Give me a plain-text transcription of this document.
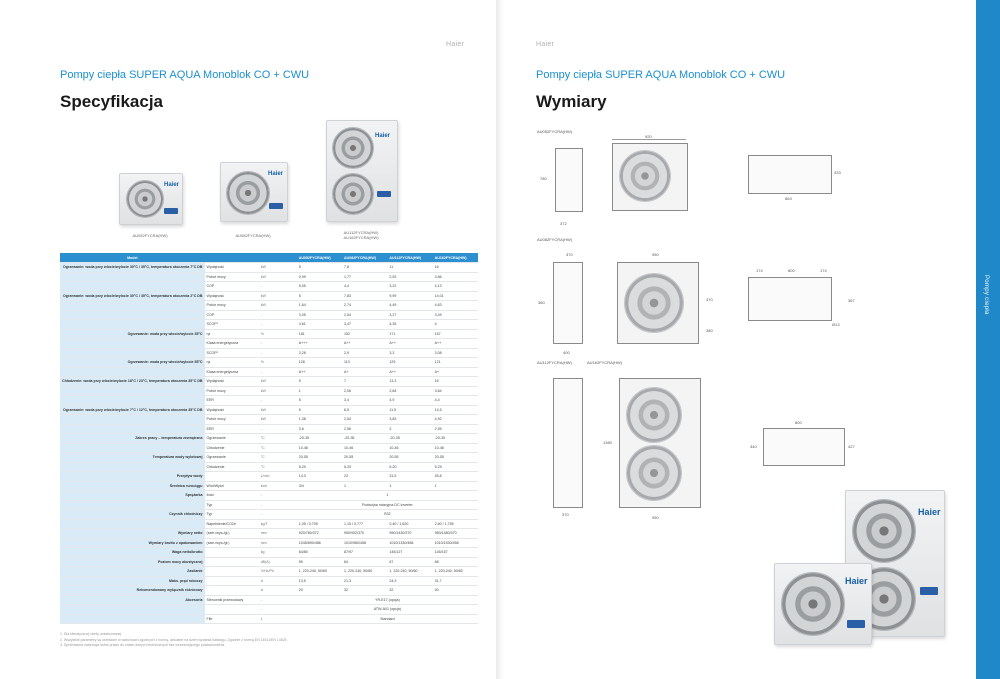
Haier
Pompy ciepła SUPER AQUA Monoblok CO + CWU
Specyfikacja
Haier
AU052FYCRA(HW)
Haier
AU082FYCRA(HW)
Haier
AU112FYCRA(HW)
AU162FYCRA(HW)
Model			AU052FYCRA(HW)	AU082FYCRA(HW)	AU112FYCRA(HW)	AU162FYCRA(HW)
Ogrzewanie: woda przy wlocie/wylocie 30°C / 35°C, temperatura otoczenia 7°C DB	Wydajność	kW	5	7,8	11	16
	Pobór mocy	kW	0,99	1,77	2,93	3,86
	COP	-	5,05	4,4	3,22	4,13
Ogrzewanie: woda przy wlocie/wylocie 30°C / 35°C, temperatura otoczenia 2°C DB	Wydajność	kW	5	7,83	9,99	14,01
	Pobór mocy	kW	1,64	2,74	4,49	4,63
	COP	-	3,05	2,54	3,27	3,49
	SCOP¹	-	4,61	3,47	4,35	4
Ogrzewanie: woda przy wlocie/wylocie 35°C	ηs	%	181	152	171	157
	Klasa energetyczna	-	A+++	A++	A++	A++
	SCOP¹	-	3,28	2,9	3,3	3,08
Ogrzewanie: woda przy wlocie/wylocie 55°C	ηs	%	128	113	129	121
	Klasa energetyczna	-	A++	A+	A++	A+
Chłodzenie: woda przy wlocie/wylocie 18°C / 23°C, temperatura otoczenia 35°C DB	Wydajność	kW	5	7	13,3	16
	Pobór mocy	kW	1	2,06	2,84	3,64
	EER	-	5	3,4	4,9	4,4
Ogrzewanie: woda przy wlocie/wylocie 7°C / 12°C, temperatura otoczenia 35°C DB	Wydajność	kW	5	6,5	11,5	14,5
	Pobór mocy	kW	1,38	2,54	3,83	4,92
	EER	-	3,6	2,56	3	2,95
Zakres pracy – temperatura zewnętrzna	Ogrzewanie	°C	-20-35	-20-35	-20-35	-20-35
	Chłodzenie	°C	10-46	10-46	10-46	10-46
Temperatura wody wylotowej	Ogrzewanie	°C	20-55	20-55	20-55	20-55
	Chłodzenie	°C	5-20	5-20	5-20	5-20
Przepływ wody		L/min	14,3	23	31,5	45,8
Średnica rurociągu	Wlot/Wylot	inch	3/4	1	1	1
Sprężarka	Ilość	-	1			
	Typ	-	Podwójna rotacyjna DC Inverter			
Czynnik chłodniczy	Typ	-	R32			
	Napełnienie/CO2e	kg/T	1,05 / 0,709	1,15 / 0,777	0,40 / 1,620	2,60 / 1,755
Wymiary netto	(szer./wys./gł.)	mm	920/780/372	950/902/370	950/1430/370	950/1480/370
Wymiary brutto z opakowaniem	(szer./wys./gł.)	mm	1045/890/486	1010/980/458	1010/1330/458	1010/1530/458
Waga netto/brutto		kg	64/80	87/97	145/127	145/157
Poziom mocy akustycznej		dB(A)	59	64	67	68
Zasilanie		V/Hz/Ph	1, 220-240, 50/60	1, 220-240, 50/60	1, 220-240, 50/60	1, 220-240, 50/60
Maks. prąd roboczy		A	13,5	21,3	24,3	31,7
Rekomendowany wyłącznik różnicowy		A	20	32	32	40
Akcesoria	Sterownik przewodowy	-	YR-E17 (opcja)			
		-	ATW-A01 (opcja)			
	Filtr	1	Standard			
1. Dla klimatycznej strefy umiarkowanej
2. Wszystkie parametry są określone w warunkach zgodnych z normą, aktualne na dzień wydania katalogu. Zgodnie z normą EN 14511/EN 14825
3. Sprzedawca zastrzega sobie prawo do zmian danych technicznych bez wcześniejszego powiadomienia
Haier
Pompy ciepła SUPER AQUA Monoblok CO + CWU
Wymiary
Pompy ciepła
AU052FYCRA(HW)
920
780
372
863
433
AU082FYCRA(HW)
370	950
800
174	174
Ø13
400
470
360
380
367
AU112FYCRA(HW)	AU162FYCRA(HW)
370
950
1380
800
340	427
Haier
Haier
